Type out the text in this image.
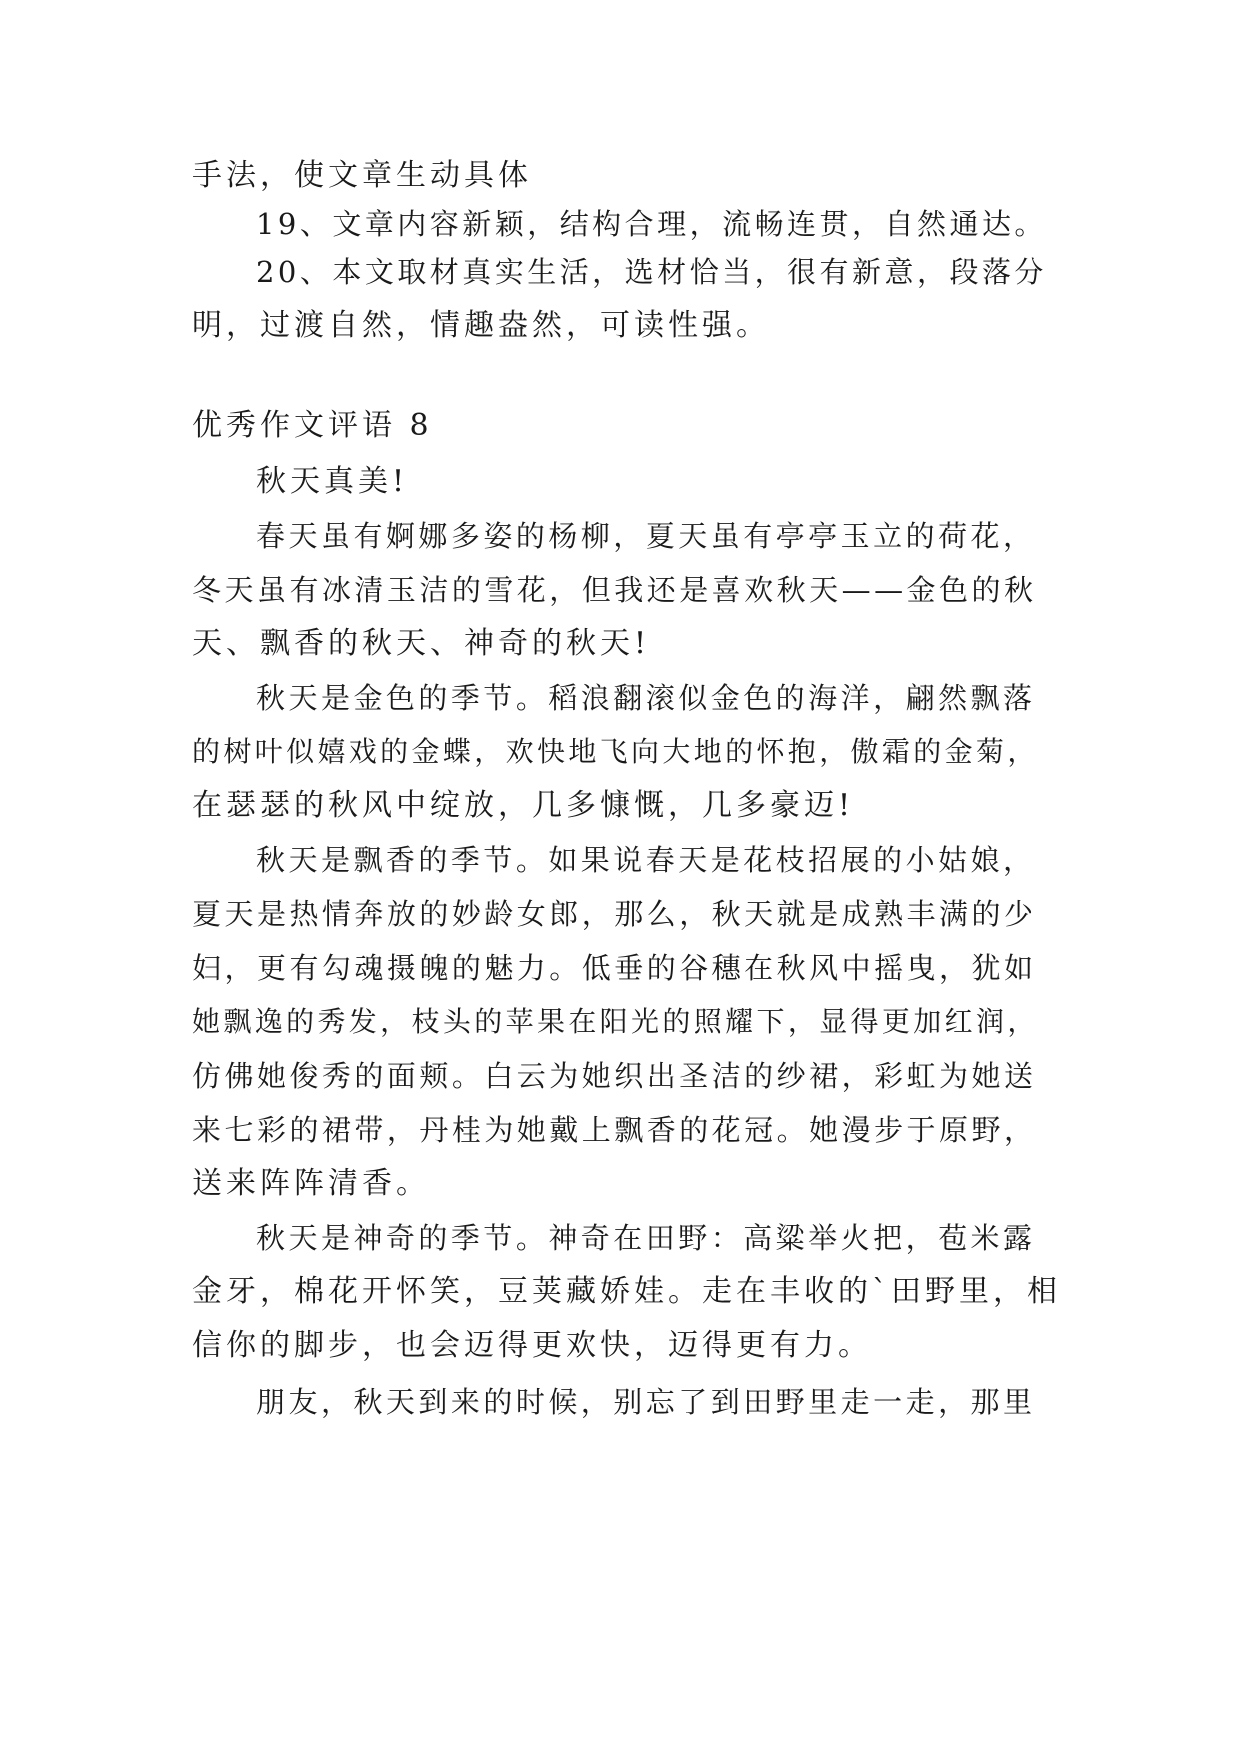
手法，使文章生动具体
19、文章内容新颖，结构合理，流畅连贯，自然通达。
20、本文取材真实生活，选材恰当，很有新意，段落分
明，过渡自然，情趣盎然，可读性强。
优秀作文评语 8
秋天真美!
春天虽有婀娜多姿的杨柳，夏天虽有亭亭玉立的荷花，
冬天虽有冰清玉洁的雪花，但我还是喜欢秋天——金色的秋
天、飘香的秋天、神奇的秋天!
秋天是金色的季节。稻浪翻滚似金色的海洋，翩然飘落
的树叶似嬉戏的金蝶，欢快地飞向大地的怀抱，傲霜的金菊，
在瑟瑟的秋风中绽放，几多慷慨，几多豪迈!
秋天是飘香的季节。如果说春天是花枝招展的小姑娘，
夏天是热情奔放的妙龄女郎，那么，秋天就是成熟丰满的少
妇，更有勾魂摄魄的魅力。低垂的谷穗在秋风中摇曳，犹如
她飘逸的秀发，枝头的苹果在阳光的照耀下，显得更加红润，
仿佛她俊秀的面颊。白云为她织出圣洁的纱裙，彩虹为她送
来七彩的裙带，丹桂为她戴上飘香的花冠。她漫步于原野，
送来阵阵清香。
秋天是神奇的季节。神奇在田野：高粱举火把，苞米露
金牙，棉花开怀笑，豆荚藏娇娃。走在丰收的`田野里，相
信你的脚步，也会迈得更欢快，迈得更有力。
朋友，秋天到来的时候，别忘了到田野里走一走，那里
